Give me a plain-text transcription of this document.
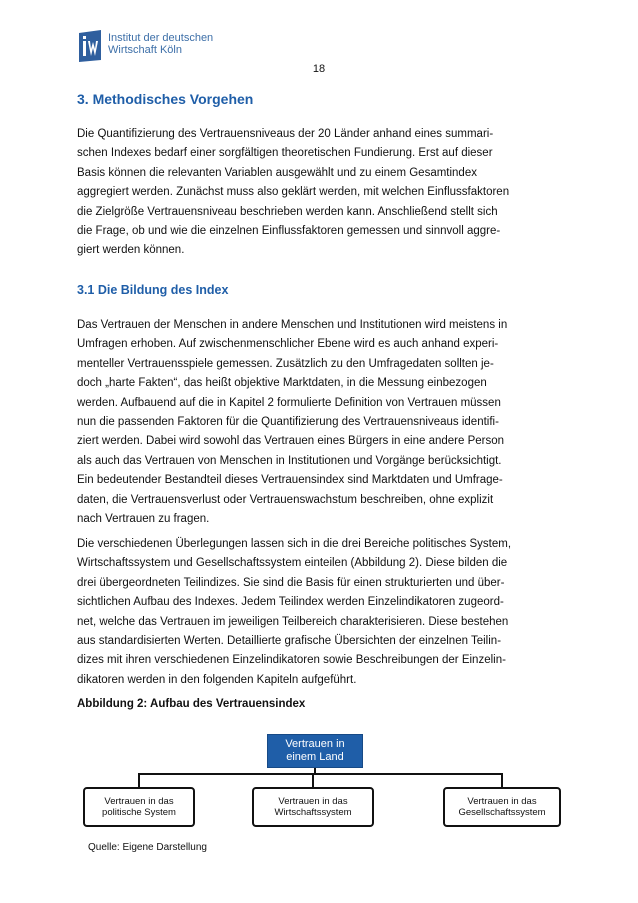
Institut der deutschen
Wirtschaft Köln
18
3. Methodisches Vorgehen
Die Quantifizierung des Vertrauensniveaus der 20 Länder anhand eines summari-
schen Indexes bedarf einer sorgfältigen theoretischen Fundierung. Erst auf dieser
Basis können die relevanten Variablen ausgewählt und zu einem Gesamtindex
aggregiert werden. Zunächst muss also geklärt werden, mit welchen Einflussfaktoren
die Zielgröße Vertrauensniveau beschrieben werden kann. Anschließend stellt sich
die Frage, ob und wie die einzelnen Einflussfaktoren gemessen und sinnvoll aggre-
giert werden können.
3.1 Die Bildung des Index
Das Vertrauen der Menschen in andere Menschen und Institutionen wird meistens in
Umfragen erhoben. Auf zwischenmenschlicher Ebene wird es auch anhand experi-
menteller Vertrauensspiele gemessen. Zusätzlich zu den Umfragedaten sollten je-
doch „harte Fakten“, das heißt objektive Marktdaten, in die Messung einbezogen
werden. Aufbauend auf die in Kapitel 2 formulierte Definition von Vertrauen müssen
nun die passenden Faktoren für die Quantifizierung des Vertrauensniveaus identifi-
ziert werden. Dabei wird sowohl das Vertrauen eines Bürgers in eine andere Person
als auch das Vertrauen von Menschen in Institutionen und Vorgänge berücksichtigt.
Ein bedeutender Bestandteil dieses Vertrauensindex sind Marktdaten und Umfrage-
daten, die Vertrauensverlust oder Vertrauenswachstum beschreiben, ohne explizit
nach Vertrauen zu fragen.
Die verschiedenen Überlegungen lassen sich in die drei Bereiche politisches System,
Wirtschaftssystem und Gesellschaftssystem einteilen (Abbildung 2). Diese bilden die
drei übergeordneten Teilindizes. Sie sind die Basis für einen strukturierten und über-
sichtlichen Aufbau des Indexes. Jedem Teilindex werden Einzelindikatoren zugeord-
net, welche das Vertrauen im jeweiligen Teilbereich charakterisieren. Diese bestehen
aus standardisierten Werten. Detaillierte grafische Übersichten der einzelnen Teilin-
dizes mit ihren verschiedenen Einzelindikatoren sowie Beschreibungen der Einzelin-
dikatoren werden in den folgenden Kapiteln aufgeführt.
Abbildung 2: Aufbau des Vertrauensindex
Vertrauen in
einem Land
Vertrauen in das
politische System
Vertrauen in das
Wirtschaftssystem
Vertrauen in das
Gesellschaftssystem
Quelle: Eigene Darstellung
